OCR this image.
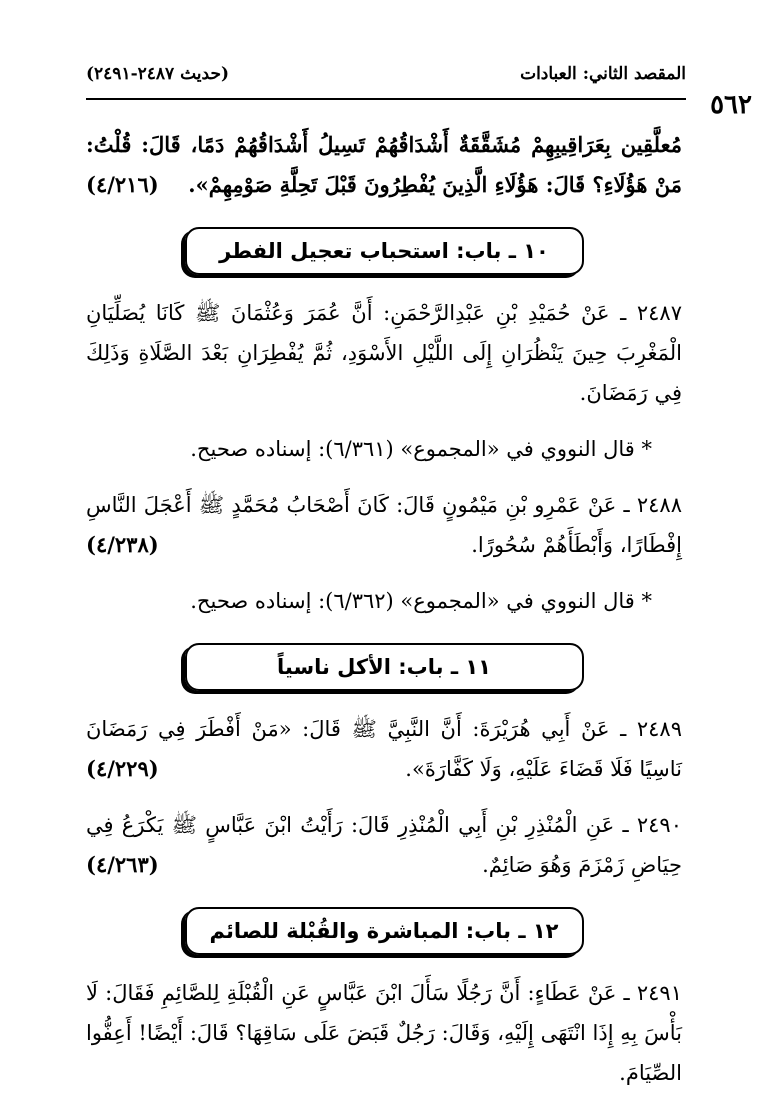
المقصد الثاني: العبادات
(حديث ٢٤٨٧-٢٤٩١)
٥٦٢

مُعلَّقِين بِعَرَاقِيبِهِمْ مُشَقَّقَةٌ أَشْدَاقُهُمْ تَسِيلُ أَشْدَاقُهُمْ دَمًا، قَالَ: قُلْتُ: مَنْ هَؤُلَاءِ؟ قَالَ: هَؤُلَاءِ الَّذِينَ يُفْطِرُونَ قَبْلَ تَحِلَّةِ صَوْمِهِمْ».
(٤/٢١٦)

١٠ ـ باب: استحباب تعجيل الفطر

٢٤٨٧ ـ عَنْ حُمَيْدِ بْنِ عَبْدِالرَّحْمَنِ: أَنَّ عُمَرَ وَعُثْمَانَ ﷺ كَانَا يُصَلِّيَانِ الْمَغْرِبَ حِينَ يَنْظُرَانِ إِلَى اللَّيْلِ الأَسْوَدِ، ثُمَّ يُفْطِرَانِ بَعْدَ الصَّلَاةِ وَذَلِكَ فِي رَمَضَانَ.

* قال النووي في «المجموع» (٦/٣٦١): إسناده صحيح.

٢٤٨٨ ـ عَنْ عَمْرِو بْنِ مَيْمُونٍ قَالَ: كَانَ أَصْحَابُ مُحَمَّدٍ ﷺ أَعْجَلَ النَّاسِ إِفْطَارًا، وَأَبْطَأَهُمْ سُحُورًا.
(٤/٢٣٨)

* قال النووي في «المجموع» (٦/٣٦٢): إسناده صحيح.

١١ ـ باب: الأكل ناسياً

٢٤٨٩ ـ عَنْ أَبِي هُرَيْرَةَ: أَنَّ النَّبِيَّ ﷺ قَالَ: «مَنْ أَفْطَرَ فِي رَمَضَانَ نَاسِيًا فَلَا قَضَاءَ عَلَيْهِ، وَلَا كَفَّارَةَ».
(٤/٢٢٩)

٢٤٩٠ ـ عَنِ الْمُنْذِرِ بْنِ أَبِي الْمُنْذِرِ قَالَ: رَأَيْتُ ابْنَ عَبَّاسٍ ﷺ يَكْرَعُ فِي حِيَاضِ زَمْزَمَ وَهُوَ صَائِمٌ.
(٤/٢٦٣)

١٢ ـ باب: المباشرة والقُبْلة للصائم

٢٤٩١ ـ عَنْ عَطَاءٍ: أَنَّ رَجُلًا سَأَلَ ابْنَ عَبَّاسٍ عَنِ الْقُبْلَةِ لِلصَّائِمِ فَقَالَ: لَا بَأْسَ بِهِ إِذَا انْتَهَى إِلَيْهِ، وَقَالَ: رَجُلٌ قَبَضَ عَلَى سَاقِهَا؟ قَالَ: أَيْضًا! أَعِفُّوا الصِّيَامَ.
